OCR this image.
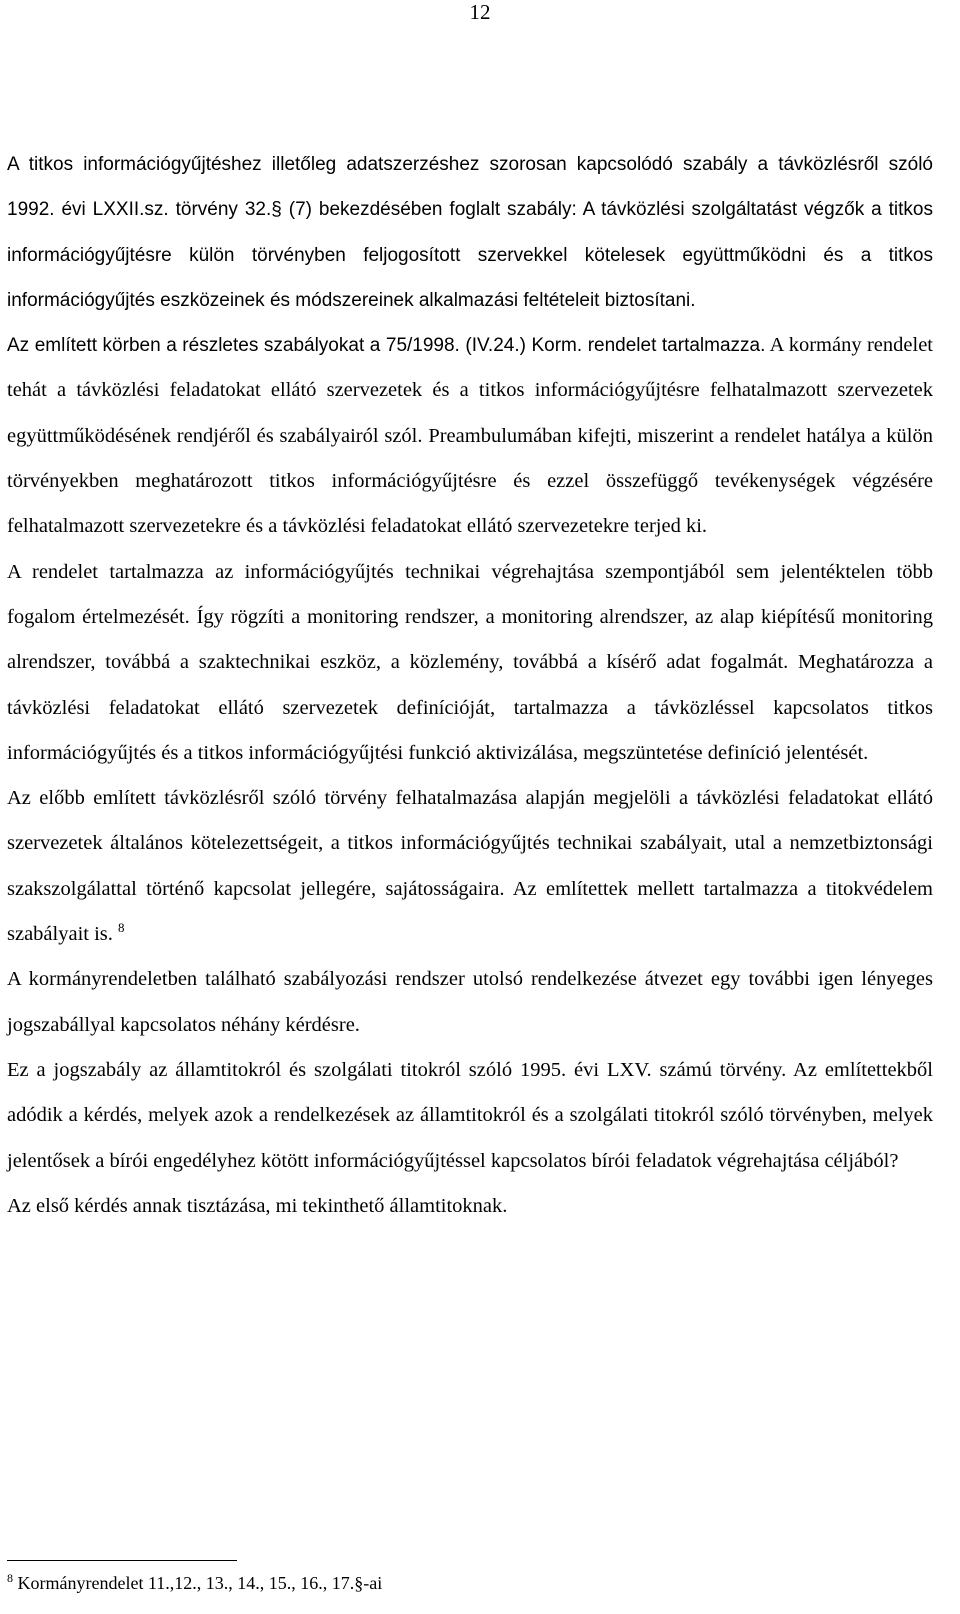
12

A titkos információgyűjtéshez illetőleg adatszerzéshez szorosan kapcsolódó szabály a távközlésről szóló 1992. évi LXXII.sz. törvény 32.§ (7) bekezdésében foglalt szabály: A távközlési szolgáltatást végzők a titkos információgyűjtésre külön törvényben feljogosított szervekkel kötelesek együttműködni és a titkos információgyűjtés eszközeinek és módszereinek alkalmazási feltételeit biztosítani.

Az említett körben a részletes szabályokat a 75/1998. (IV.24.) Korm. rendelet tartalmazza. A kormány rendelet tehát a távközlési feladatokat ellátó szervezetek és a titkos információgyűjtésre felhatalmazott szervezetek együttműködésének rendjéről és szabályairól szól. Preambulumában kifejti, miszerint a rendelet hatálya a külön törvényekben meghatározott titkos információgyűjtésre és ezzel összefüggő tevékenységek végzésére felhatalmazott szervezetekre és a távközlési feladatokat ellátó szervezetekre terjed ki.

A rendelet tartalmazza az információgyűjtés technikai végrehajtása szempontjából sem jelentéktelen több fogalom értelmezését. Így rögzíti a monitoring rendszer, a monitoring alrendszer, az alap kiépítésű monitoring alrendszer, továbbá a szaktechnikai eszköz, a közlemény, továbbá a kísérő adat fogalmát. Meghatározza a távközlési feladatokat ellátó szervezetek definícióját, tartalmazza a távközléssel kapcsolatos titkos információgyűjtés és a titkos információgyűjtési funkció aktivizálása, megszüntetése definíció jelentését.

Az előbb említett távközlésről szóló törvény felhatalmazása alapján megjelöli a távközlési feladatokat ellátó szervezetek általános kötelezettségeit, a titkos információgyűjtés technikai szabályait, utal a nemzetbiztonsági szakszolgálattal történő kapcsolat jellegére, sajátosságaira. Az említettek mellett tartalmazza a titokvédelem szabályait is. $^8$

A kormányrendeletben található szabályozási rendszer utolsó rendelkezése átvezet egy további igen lényeges jogszabállyal kapcsolatos néhány kérdésre.

Ez a jogszabály az államtitokról és szolgálati titokról szóló 1995. évi LXV. számú törvény. Az említettekből adódik a kérdés, melyek azok a rendelkezések az államtitokról és a szolgálati titokról szóló törvényben, melyek jelentősek a bírói engedélyhez kötött információgyűjtéssel kapcsolatos bírói feladatok végrehajtása céljából?

Az első kérdés annak tisztázása, mi tekinthető államtitoknak.

$^8$ Kormányrendelet 11.,12., 13., 14., 15., 16., 17.§-ai
